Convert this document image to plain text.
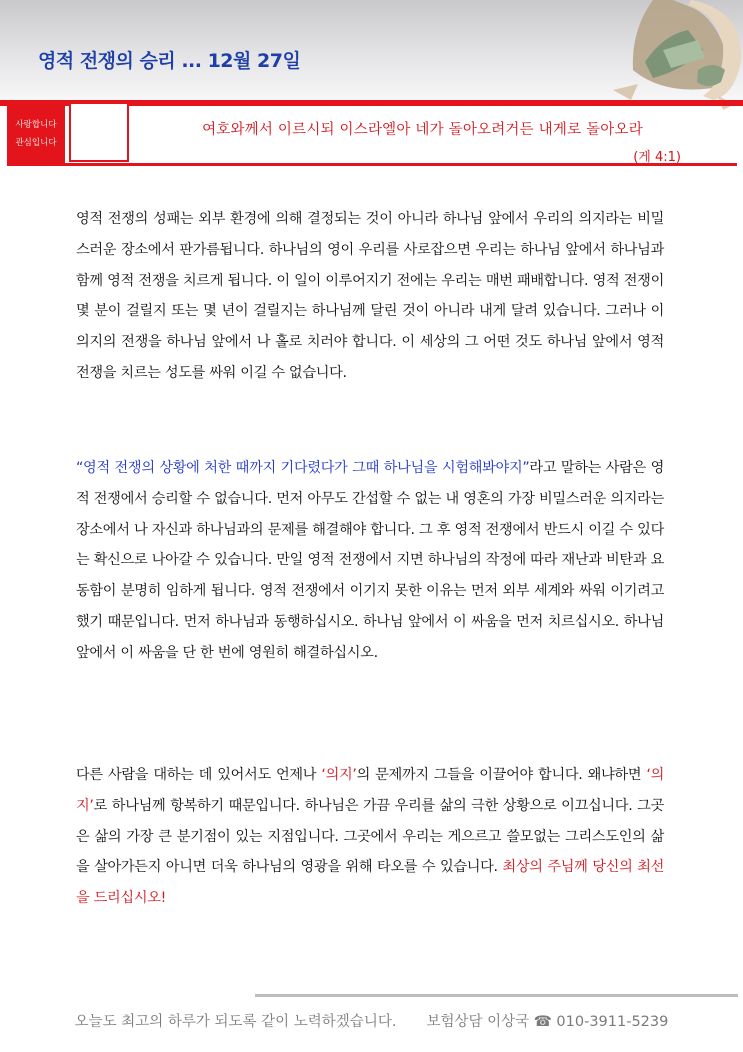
영적 전쟁의 승리 ... 12월 27일
사랑합니다
관심입니다
여호와께서 이르시되 이스라엘아 네가 돌아오려거든 내게로 돌아오라
(게 4:1)
영적 전쟁의 성패는 외부 환경에 의해 결정되는 것이 아니라 하나님 앞에서 우리의 의지라는 비밀스러운 장소에서 판가름됩니다. 하나님의 영이 우리를 사로잡으면 우리는 하나님 앞에서 하나님과 함께 영적 전쟁을 치르게 됩니다. 이 일이 이루어지기 전에는 우리는 매번 패배합니다. 영적 전쟁이 몇 분이 걸릴지 또는 몇 년이 걸릴지는 하나님께 달린 것이 아니라 내게 달려 있습니다. 그러나 이 의지의 전쟁을 하나님 앞에서 나 홀로 치러야 합니다. 이 세상의 그 어떤 것도 하나님 앞에서 영적 전쟁을 치르는 성도를 싸워 이길 수 없습니다.
“영적 전쟁의 상황에 처한 때까지 기다렸다가 그때 하나님을 시험해봐야지”라고 말하는 사람은 영적 전쟁에서 승리할 수 없습니다. 먼저 아무도 간섭할 수 없는 내 영혼의 가장 비밀스러운 의지라는 장소에서 나 자신과 하나님과의 문제를 해결해야 합니다. 그 후 영적 전쟁에서 반드시 이길 수 있다는 확신으로 나아갈 수 있습니다. 만일 영적 전쟁에서 지면 하나님의 작정에 따라 재난과 비탄과 요동함이 분명히 임하게 됩니다. 영적 전쟁에서 이기지 못한 이유는 먼저 외부 세계와 싸워 이기려고 했기 때문입니다. 먼저 하나님과 동행하십시오. 하나님 앞에서 이 싸움을 먼저 치르십시오. 하나님 앞에서 이 싸움을 단 한 번에 영원히 해결하십시오.
다른 사람을 대하는 데 있어서도 언제나 ‘의지’의 문제까지 그들을 이끌어야 합니다. 왜냐하면 ‘의지’로 하나님께 항복하기 때문입니다. 하나님은 가끔 우리를 삶의 극한 상황으로 이끄십니다. 그곳은 삶의 가장 큰 분기점이 있는 지점입니다. 그곳에서 우리는 게으르고 쓸모없는 그리스도인의 삶을 살아가든지 아니면 더욱 하나님의 영광을 위해 타오를 수 있습니다. 최상의 주님께 당신의 최선을 드리십시오!
오늘도 최고의 하루가 되도록 같이 노력하겠습니다. 보험상담 이상국 ☎ 010-3911-5239
